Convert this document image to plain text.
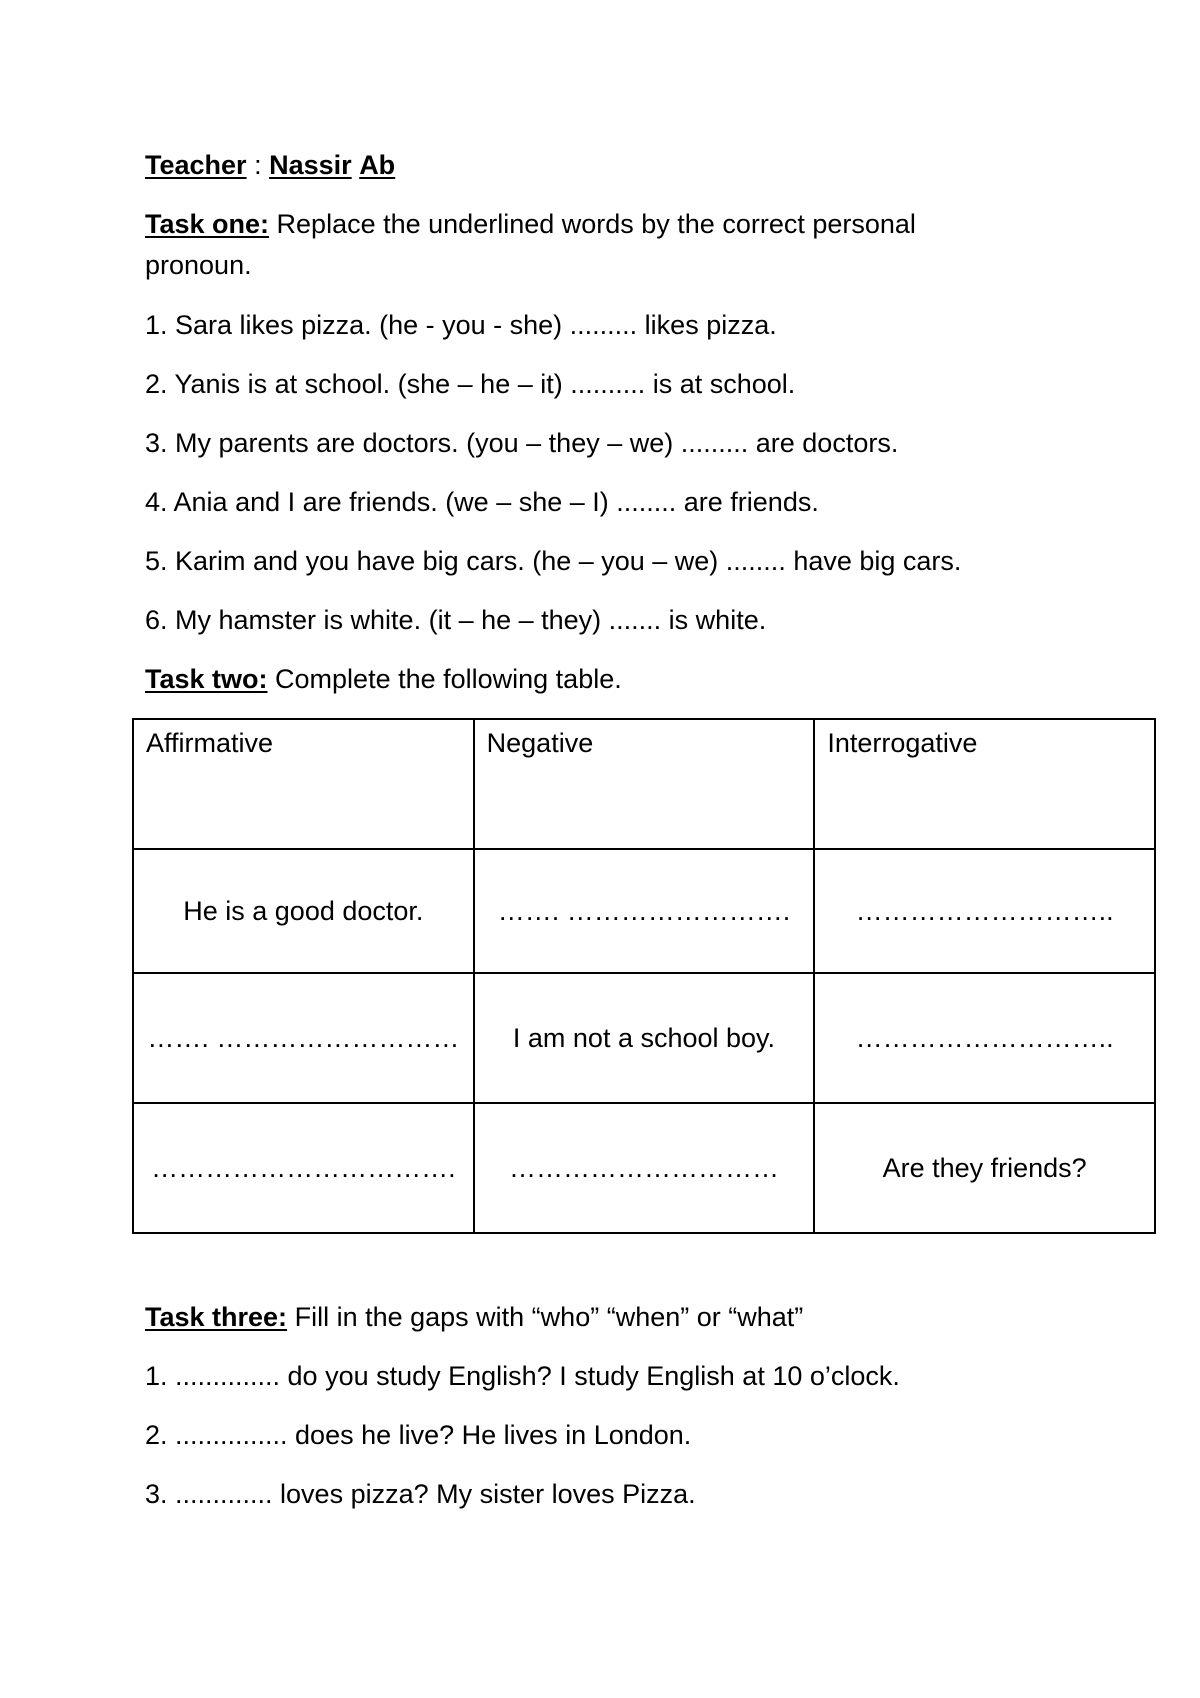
Teacher : Nassir Ab
Task one: Replace the underlined words by the correct personal
pronoun.
1. Sara likes pizza. (he - you - she) ......... likes pizza.
2. Yanis is at school. (she – he – it) .......... is at school.
3. My parents are doctors. (you – they – we) ......... are doctors.
4. Ania and I are friends. (we – she – I) ........ are friends.
5. Karim and you have big cars. (he – you – we) ........ have big cars.
6. My hamster is white. (it – he – they) ....... is white.
Task two: Complete the following table.
Affirmative	Negative	Interrogative

He is a good doctor.	……. …………………….	………………………..

……. ………………………	I am not a school boy.	………………………..

…………………………….	…………………………	Are they friends?
Task three: Fill in the gaps with “who” “when” or “what”
1. .............. do you study English? I study English at 10 o’clock.
2. ............... does he live? He lives in London.
3. ............. loves pizza? My sister loves Pizza.
